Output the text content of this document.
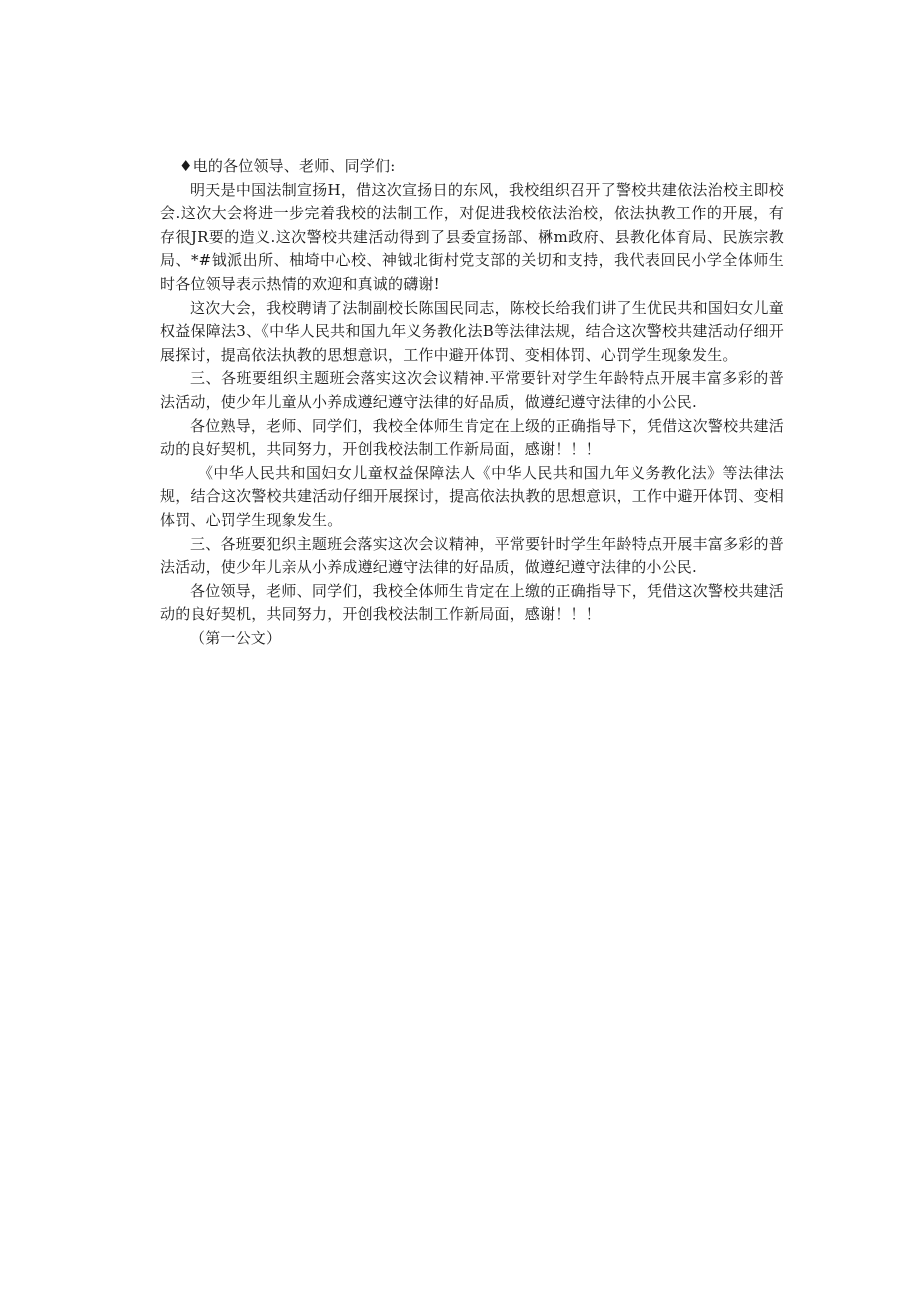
♦电的各位领导、老师、同学们:

明天是中国法制宣扬H，借这次宣扬日的东风，我校组织召开了警校共建依法治校主即校会.这次大会将进一步完着我校的法制工作，对促进我校依法治校，依法执教工作的开展，有存很JR要的造义.这次警校共建活动得到了县委宣扬部、楙m政府、县教化体育局、民族宗教局、*#钺派出所、柚埼中心校、神钺北街村党支部的关切和支持，我代表回民小学全体师生时各位领导表示热情的欢迎和真诚的礴谢!

这次大会，我校聘请了法制副校长陈国民同志，陈校长给我们讲了生优民共和国妇女儿童权益保障法3、《中华人民共和国九年义务教化法B等法律法规，结合这次警校共建活动仔细开展探讨，提高依法执教的思想意识，工作中避开体罚、变相体罚、心罚学生现象发生。

三、各班要组织主题班会落实这次会议精神.平常要针对学生年龄特点开展丰富多彩的普法活动，使少年儿童从小养成遵纪遵守法律的好品质，做遵纪遵守法律的小公民.

各位熟导，老师、同学们，我校全体师生肯定在上级的正确指导下，凭借这次警校共建活动的良好契机，共同努力，开创我校法制工作新局面，感谢！！！

《中华人民共和国妇女儿童权益保障法人《中华人民共和国九年义务教化法》等法律法规，结合这次警校共建活动仔细开展探讨，提高依法执教的思想意识，工作中避开体罚、变相体罚、心罚学生现象发生。

三、各班要犯织主题班会落实这次会议精神，平常要针时学生年龄特点开展丰富多彩的普法活动，使少年儿亲从小养成遵纪遵守法律的好品质，做遵纪遵守法律的小公民.

各位领导，老师、同学们，我校全体师生肯定在上缴的正确指导下，凭借这次警校共建活动的良好契机，共同努力，开创我校法制工作新局面，感谢！！！

（第一公文）
